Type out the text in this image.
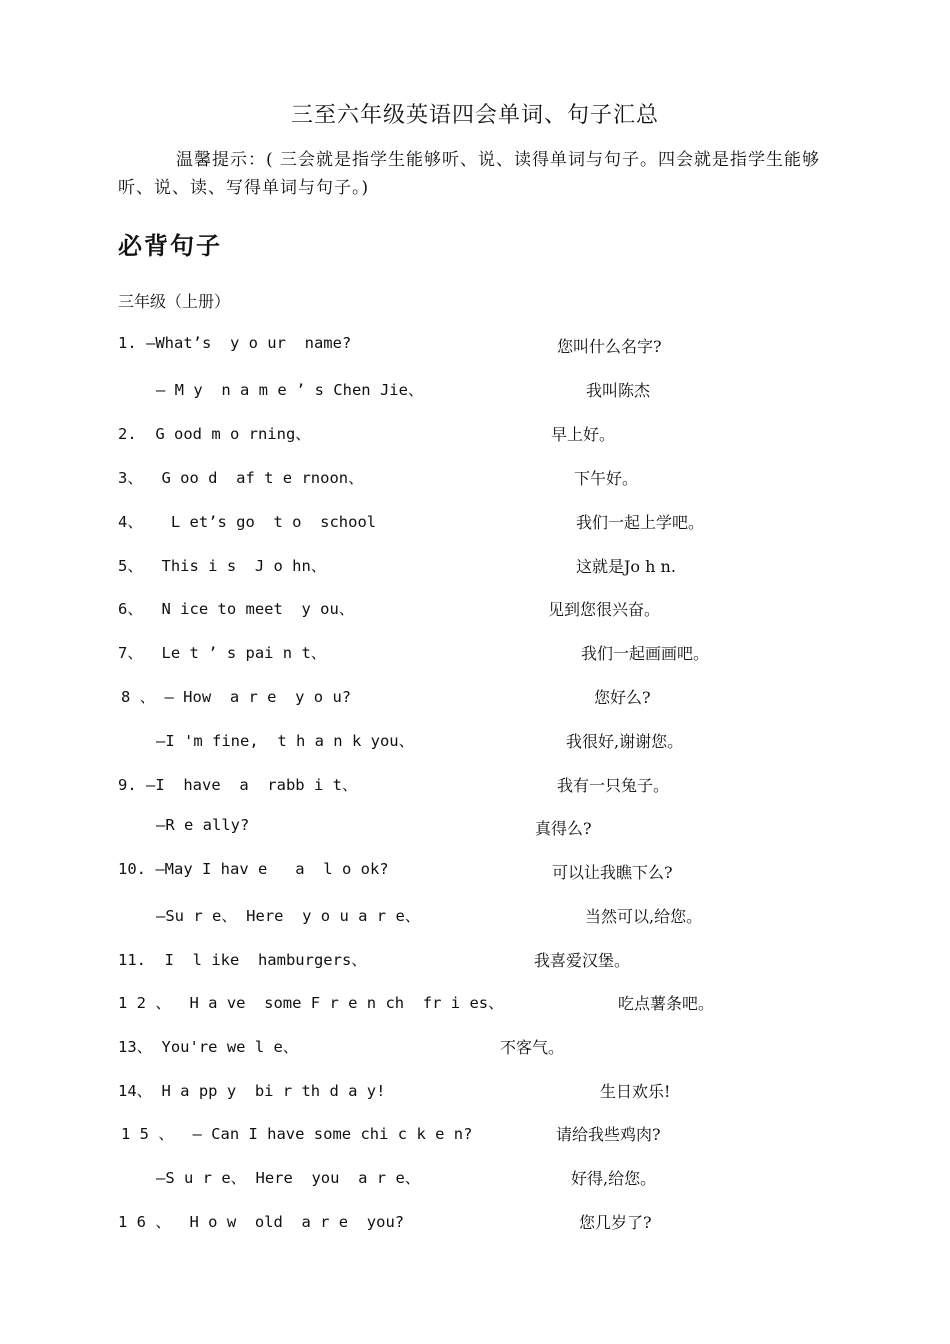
三至六年级英语四会单词、句子汇总
温馨提示：( 三会就是指学生能够听、说、读得单词与句子。四会就是指学生能够听、说、读、写得单词与句子。)
必背句子
三年级（上册）
1. —What’s  y o ur  name?	您叫什么名字?
— M y  n a m e ’ s Chen Jie、	我叫陈杰
2.  G ood m o rning、	早上好。
3、  G oo d  af t e rnoon、	下午好。
4、   L et’s go  t o  school	我们一起上学吧。
5、  This i s  J o hn、	这就是Jo h n.
6、  N ice to meet  y ou、	见到您很兴奋。
7、  Le t ’ s pai n t、	我们一起画画吧。
8 、 — How  a r e  y o u?	您好么?
–I 'm fine,  t h a n k you、	我很好,谢谢您。
9. –I  have  a  rabb i t、	我有一只兔子。
–R e ally?	真得么?
10. –May I hav e   a  l o ok?	可以让我瞧下么?
—Su r e、 Here  y o u a r e、	当然可以,给您。
11.  I  l ike  hamburgers、	我喜爱汉堡。
1 2 、  H a ve  some F r e n ch  fr i es、	吃点薯条吧。
13、 You're we l e、	不客气。
14、 H a pp y  bi r th d a y!	生日欢乐!
1 5 、  — Can I have some chi c k e n?	请给我些鸡肉?
–S u r e、 Here  you  a r e、	好得,给您。
1 6 、  H o w  old  a r e  you?	您几岁了?
